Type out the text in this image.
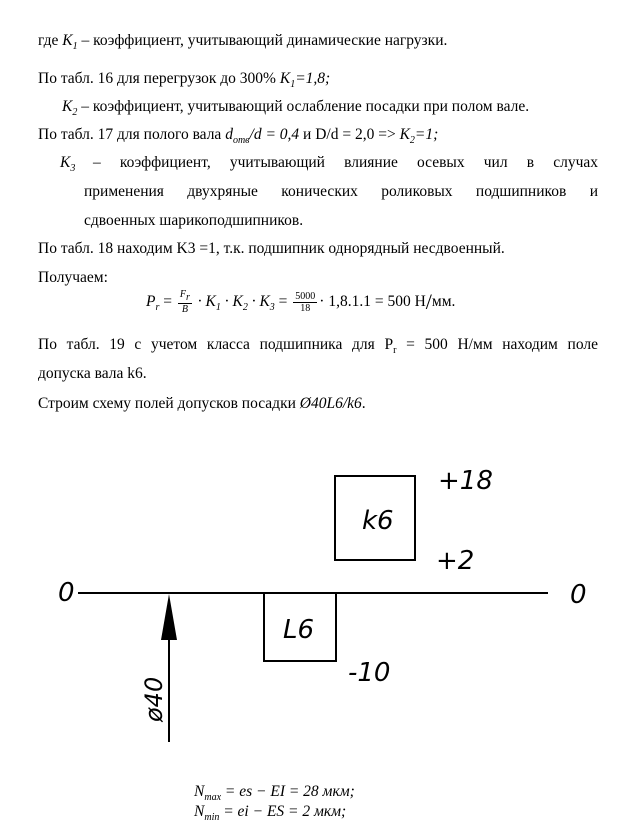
где $K_1$ – коэффициент, учитывающий динамические нагрузки.
По табл. 16 для перегрузок до 300% $K_1=1,8$;
$K_2$ – коэффициент, учитывающий ослабление посадки при полом вале.
По табл. 17 для полого вала $d_{отв}/d = 0,4$ и $D/d = 2,0 => K_2=1$;
$K_3$ – коэффициент, учитывающий влияние осевых чил в случах
применения двухряные конических роликовых подшипников и
сдвоенных шарикоподшипников.
По табл. 18 находим K3 =1, т.к. подшипник однорядный несдвоенный.
Получаем:
$P_r = \frac{F_r}{B} \cdot K_1 \cdot K_2 \cdot K_3 = \frac{5000}{18} \cdot 1,8.1.1 = 500$ Н/мм.
По табл. 19 с учетом класса подшипника для $P_r = 500$ Н/мм находим поле
допуска вала k6.
Строим схему полей допусков посадки Ø40L6/k6.
0	0
k6
L6
+18
+2
-10
ø40
$N_{max}$ = es − EI = 28 мкм;
$N_{min}$ = ei − ES = 2 мкм;
